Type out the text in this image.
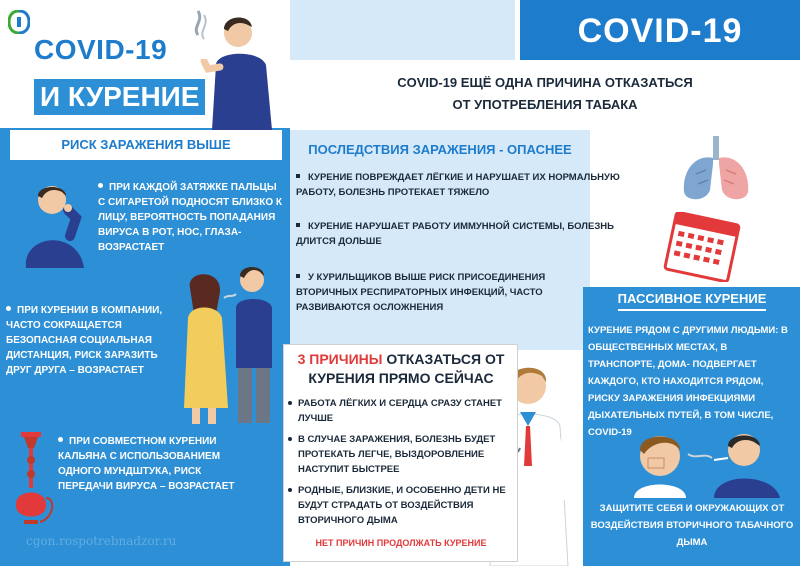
COVID-19
И КУРЕНИЕ
РИСК ЗАРАЖЕНИЯ ВЫШЕ
ПРИ КАЖДОЙ ЗАТЯЖКЕ ПАЛЬЦЫ С СИГАРЕТОЙ ПОДНОСЯТ БЛИЗКО К ЛИЦУ, ВЕРОЯТНОСТЬ ПОПАДАНИЯ ВИРУСА В РОТ, НОС, ГЛАЗА-ВОЗРАСТАЕТ
ПРИ КУРЕНИИ В КОМПАНИИ, ЧАСТО СОКРАЩАЕТСЯ БЕЗОПАСНАЯ СОЦИАЛЬНАЯ ДИСТАНЦИЯ, РИСК ЗАРАЗИТЬ ДРУГ ДРУГА – ВОЗРАСТАЕТ
ПРИ СОВМЕСТНОМ КУРЕНИИ КАЛЬЯНА С ИСПОЛЬЗОВАНИЕМ ОДНОГО МУНДШТУКА, РИСК ПЕРЕДАЧИ ВИРУСА – ВОЗРАСТАЕТ
cgon.rospotrebnadzor.ru
COVID-19
COVID-19 ЕЩЁ ОДНА ПРИЧИНА ОТКАЗАТЬСЯ
ОТ УПОТРЕБЛЕНИЯ ТАБАКА
ПОСЛЕДСТВИЯ ЗАРАЖЕНИЯ - ОПАСНЕЕ
КУРЕНИЕ ПОВРЕЖДАЕТ ЛЁГКИЕ И НАРУШАЕТ ИХ НОРМАЛЬНУЮ РАБОТУ, БОЛЕЗНЬ ПРОТЕКАЕТ ТЯЖЕЛО
КУРЕНИЕ НАРУШАЕТ РАБОТУ ИММУННОЙ СИСТЕМЫ, БОЛЕЗНЬ ДЛИТСЯ ДОЛЬШЕ
У КУРИЛЬЩИКОВ ВЫШЕ РИСК ПРИСОЕДИНЕНИЯ ВТОРИЧНЫХ РЕСПИРАТОРНЫХ ИНФЕКЦИЙ, ЧАСТО РАЗВИВАЮТСЯ ОСЛОЖНЕНИЯ
ПАССИВНОЕ КУРЕНИЕ
КУРЕНИЕ РЯДОМ С ДРУГИМИ ЛЮДЬМИ: В ОБЩЕСТВЕННЫХ МЕСТАХ, В ТРАНСПОРТЕ, ДОМА- ПОДВЕРГАЕТ КАЖДОГО, КТО НАХОДИТСЯ РЯДОМ, РИСКУ ЗАРАЖЕНИЯ ИНФЕКЦИЯМИ ДЫХАТЕЛЬНЫХ ПУТЕЙ, В ТОМ ЧИСЛЕ, COVID-19
ЗАЩИТИТЕ СЕБЯ И ОКРУЖАЮЩИХ ОТ ВОЗДЕЙСТВИЯ ВТОРИЧНОГО ТАБАЧНОГО ДЫМА
3 ПРИЧИНЫ ОТКАЗАТЬСЯ ОТ КУРЕНИЯ ПРЯМО СЕЙЧАС
РАБОТА ЛЁГКИХ И СЕРДЦА СРАЗУ СТАНЕТ ЛУЧШЕ
В СЛУЧАЕ ЗАРАЖЕНИЯ, БОЛЕЗНЬ БУДЕТ ПРОТЕКАТЬ ЛЕГЧЕ, ВЫЗДОРОВЛЕНИЕ НАСТУПИТ БЫСТРЕЕ
РОДНЫЕ, БЛИЗКИЕ, И ОСОБЕННО ДЕТИ НЕ БУДУТ СТРАДАТЬ ОТ ВОЗДЕЙСТВИЯ ВТОРИЧНОГО ДЫМА
НЕТ ПРИЧИН ПРОДОЛЖАТЬ КУРЕНИЕ
